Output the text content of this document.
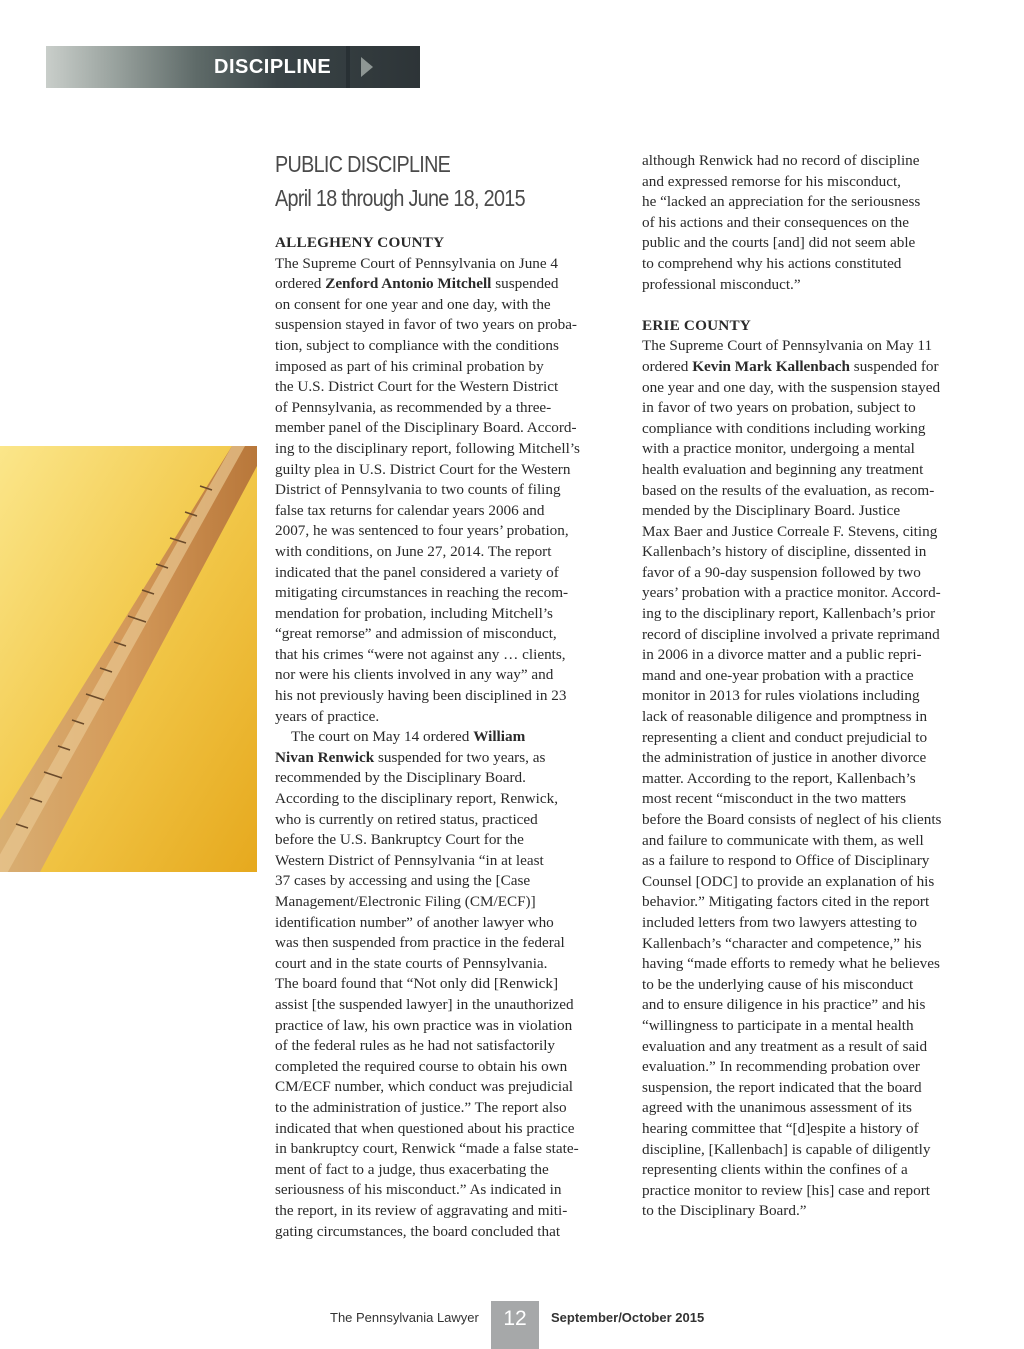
DISCIPLINE
PUBLIC DISCIPLINE
April 18 through June 18, 2015
ALLEGHENY COUNTY
The Supreme Court of Pennsylvania on June 4
ordered Zenford Antonio Mitchell suspended
on consent for one year and one day, with the
suspension stayed in favor of two years on proba-
tion, subject to compliance with the conditions
imposed as part of his criminal probation by
the U.S. District Court for the Western District
of Pennsylvania, as recommended by a three-
member panel of the Disciplinary Board. Accord-
ing to the disciplinary report, following Mitchell’s
guilty plea in U.S. District Court for the Western
District of Pennsylvania to two counts of filing
false tax returns for calendar years 2006 and
2007, he was sentenced to four years’ probation,
with conditions, on June 27, 2014. The report
indicated that the panel considered a variety of
mitigating circumstances in reaching the recom-
mendation for probation, including Mitchell’s
“great remorse” and admission of misconduct,
that his crimes “were not against any … clients,
nor were his clients involved in any way” and
his not previously having been disciplined in 23
years of practice.
The court on May 14 ordered William
Nivan Renwick suspended for two years, as
recommended by the Disciplinary Board.
According to the disciplinary report, Renwick,
who is currently on retired status, practiced
before the U.S. Bankruptcy Court for the
Western District of Pennsylvania “in at least
37 cases by accessing and using the [Case
Management/Electronic Filing (CM/ECF)]
identification number” of another lawyer who
was then suspended from practice in the federal
court and in the state courts of Pennsylvania.
The board found that “Not only did [Renwick]
assist [the suspended lawyer] in the unauthorized
practice of law, his own practice was in violation
of the federal rules as he had not satisfactorily
completed the required course to obtain his own
CM/ECF number, which conduct was prejudicial
to the administration of justice.” The report also
indicated that when questioned about his practice
in bankruptcy court, Renwick “made a false state-
ment of fact to a judge, thus exacerbating the
seriousness of his misconduct.” As indicated in
the report, in its review of aggravating and miti-
gating circumstances, the board concluded that
although Renwick had no record of discipline
and expressed remorse for his misconduct,
he “lacked an appreciation for the seriousness
of his actions and their consequences on the
public and the courts [and] did not seem able
to comprehend why his actions constituted
professional misconduct.”
ERIE COUNTY
The Supreme Court of Pennsylvania on May 11
ordered Kevin Mark Kallenbach suspended for
one year and one day, with the suspension stayed
in favor of two years on probation, subject to
compliance with conditions including working
with a practice monitor, undergoing a mental
health evaluation and beginning any treatment
based on the results of the evaluation, as recom-
mended by the Disciplinary Board. Justice
Max Baer and Justice Correale F. Stevens, citing
Kallenbach’s history of discipline, dissented in
favor of a 90-day suspension followed by two
years’ probation with a practice monitor. Accord-
ing to the disciplinary report, Kallenbach’s prior
record of discipline involved a private reprimand
in 2006 in a divorce matter and a public repri-
mand and one-year probation with a practice
monitor in 2013 for rules violations including
lack of reasonable diligence and promptness in
representing a client and conduct prejudicial to
the administration of justice in another divorce
matter. According to the report, Kallenbach’s
most recent “misconduct in the two matters
before the Board consists of neglect of his clients
and failure to communicate with them, as well
as a failure to respond to Office of Disciplinary
Counsel [ODC] to provide an explanation of his
behavior.” Mitigating factors cited in the report
included letters from two lawyers attesting to
Kallenbach’s “character and competence,” his
having “made efforts to remedy what he believes
to be the underlying cause of his misconduct
and to ensure diligence in his practice” and his
“willingness to participate in a mental health
evaluation and any treatment as a result of said
evaluation.” In recommending probation over
suspension, the report indicated that the board
agreed with the unanimous assessment of its
hearing committee that “[d]espite a history of
discipline, [Kallenbach] is capable of diligently
representing clients within the confines of a
practice monitor to review [his] case and report
to the Disciplinary Board.”
The Pennsylvania Lawyer	12	September/October 2015
